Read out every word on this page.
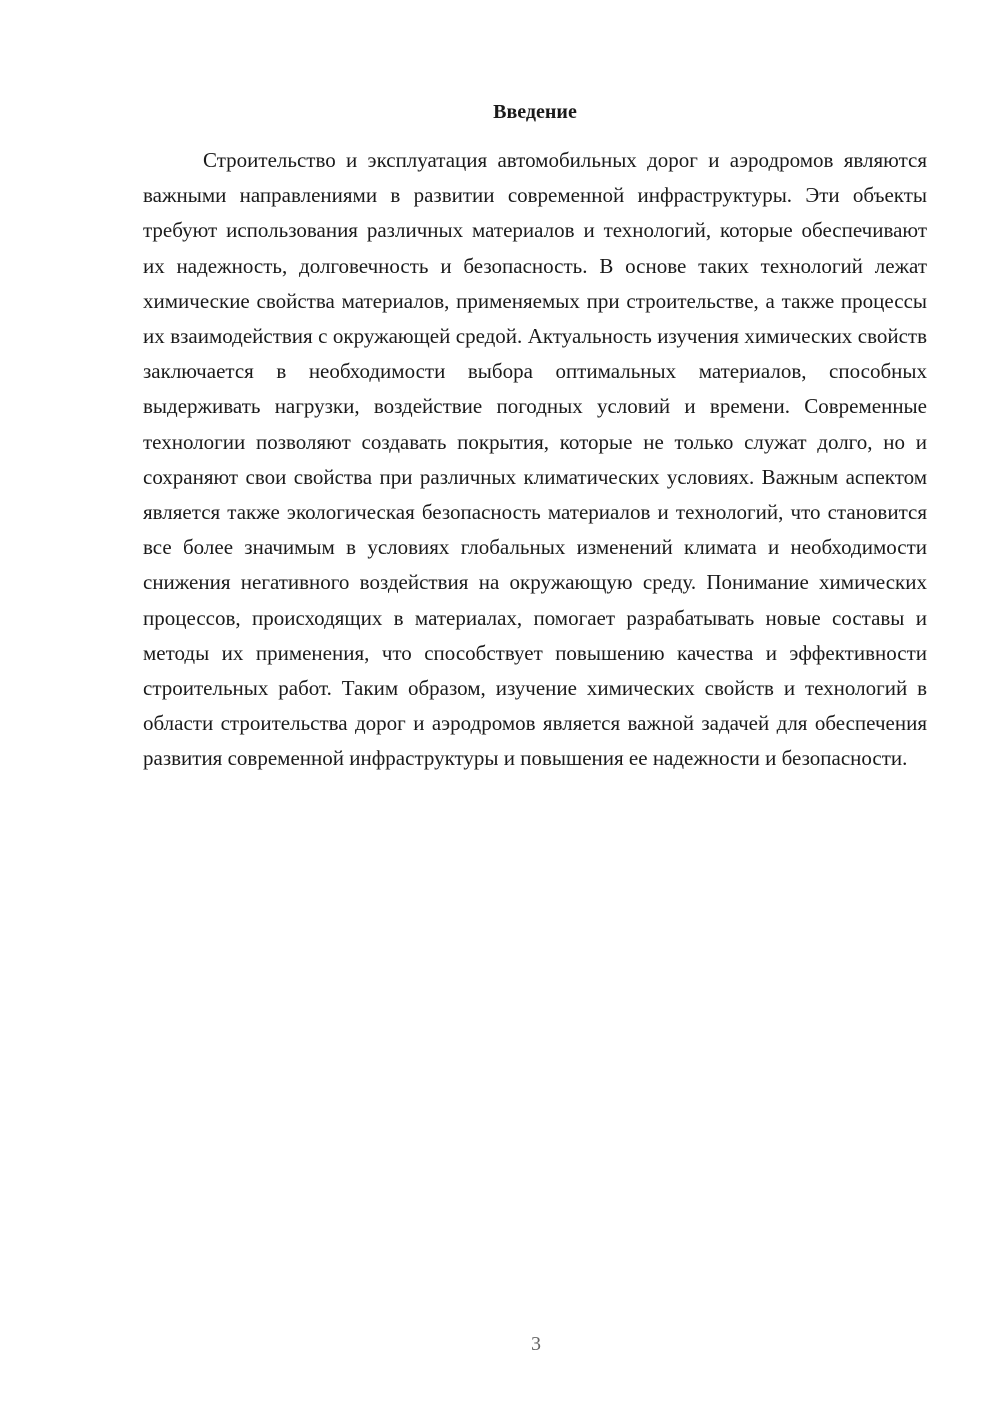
Введение

Строительство и эксплуатация автомобильных дорог и аэродромов являются важными направлениями в развитии современной инфраструктуры. Эти объекты требуют использования различных материалов и технологий, которые обеспечивают их надежность, долговечность и безопасность. В основе таких технологий лежат химические свойства материалов, применяемых при строительстве, а также процессы их взаимодействия с окружающей средой. Актуальность изучения химических свойств заключается в необходимости выбора оптимальных материалов, способных выдерживать нагрузки, воздействие погодных условий и времени. Современные технологии позволяют создавать покрытия, которые не только служат долго, но и сохраняют свои свойства при различных климатических условиях. Важным аспектом является также экологическая безопасность материалов и технологий, что становится все более значимым в условиях глобальных изменений климата и необходимости снижения негативного воздействия на окружающую среду. Понимание химических процессов, происходящих в материалах, помогает разрабатывать новые составы и методы их применения, что способствует повышению качества и эффективности строительных работ. Таким образом, изучение химических свойств и технологий в области строительства дорог и аэродромов является важной задачей для обеспечения развития современной инфраструктуры и повышения ее надежности и безопасности.

3
